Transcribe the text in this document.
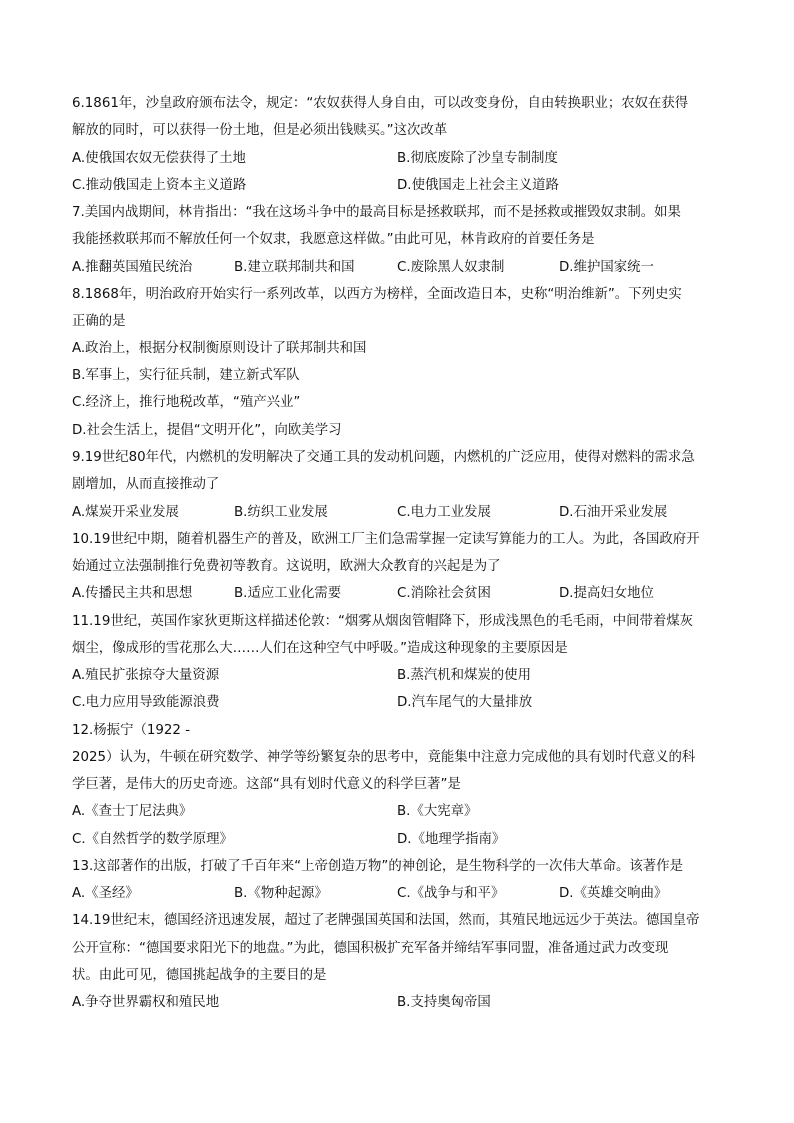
6.1861年，沙皇政府颁布法令，规定：“农奴获得人身自由，可以改变身份，自由转换职业；农奴在获得
解放的同时，可以获得一份土地，但是必须出钱赎买。”这次改革
A.使俄国农奴无偿获得了土地	B.彻底废除了沙皇专制制度
C.推动俄国走上资本主义道路	D.使俄国走上社会主义道路
7.美国内战期间，林肯指出：“我在这场斗争中的最高目标是拯救联邦，而不是拯救或摧毁奴隶制。如果
我能拯救联邦而不解放任何一个奴隶，我愿意这样做。”由此可见，林肯政府的首要任务是
A.推翻英国殖民统治	B.建立联邦制共和国	C.废除黑人奴隶制	D.维护国家统一
8.1868年，明治政府开始实行一系列改革，以西方为榜样，全面改造日本，史称“明治维新”。下列史实
正确的是
A.政治上，根据分权制衡原则设计了联邦制共和国
B.军事上，实行征兵制，建立新式军队
C.经济上，推行地税改革，“殖产兴业”
D.社会生活上，提倡“文明开化”，向欧美学习
9.19世纪80年代，内燃机的发明解决了交通工具的发动机问题，内燃机的广泛应用，使得对燃料的需求急
剧增加，从而直接推动了
A.煤炭开采业发展	B.纺织工业发展	C.电力工业发展	D.石油开采业发展
10.19世纪中期，随着机器生产的普及，欧洲工厂主们急需掌握一定读写算能力的工人。为此，各国政府开
始通过立法强制推行免费初等教育。这说明，欧洲大众教育的兴起是为了
A.传播民主共和思想	B.适应工业化需要	C.消除社会贫困	D.提高妇女地位
11.19世纪，英国作家狄更斯这样描述伦敦：“烟雾从烟囱管帽降下，形成浅黑色的毛毛雨，中间带着煤灰
烟尘，像成形的雪花那么大……人们在这种空气中呼吸。”造成这种现象的主要原因是
A.殖民扩张掠夺大量资源	B.蒸汽机和煤炭的使用
C.电力应用导致能源浪费	D.汽车尾气的大量排放
12.杨振宁（1922 -
2025）认为，牛顿在研究数学、神学等纷繁复杂的思考中，竟能集中注意力完成他的具有划时代意义的科
学巨著，是伟大的历史奇迹。这部“具有划时代意义的科学巨著”是
A.《查士丁尼法典》	B.《大宪章》
C.《自然哲学的数学原理》	D.《地理学指南》
13.这部著作的出版，打破了千百年来“上帝创造万物”的神创论，是生物科学的一次伟大革命。该著作是
A.《圣经》	B.《物种起源》	C.《战争与和平》	D.《英雄交响曲》
14.19世纪末，德国经济迅速发展，超过了老牌强国英国和法国，然而，其殖民地远远少于英法。德国皇帝
公开宣称：“德国要求阳光下的地盘。”为此，德国积极扩充军备并缔结军事同盟，准备通过武力改变现
状。由此可见，德国挑起战争的主要目的是
A.争夺世界霸权和殖民地	B.支持奥匈帝国
